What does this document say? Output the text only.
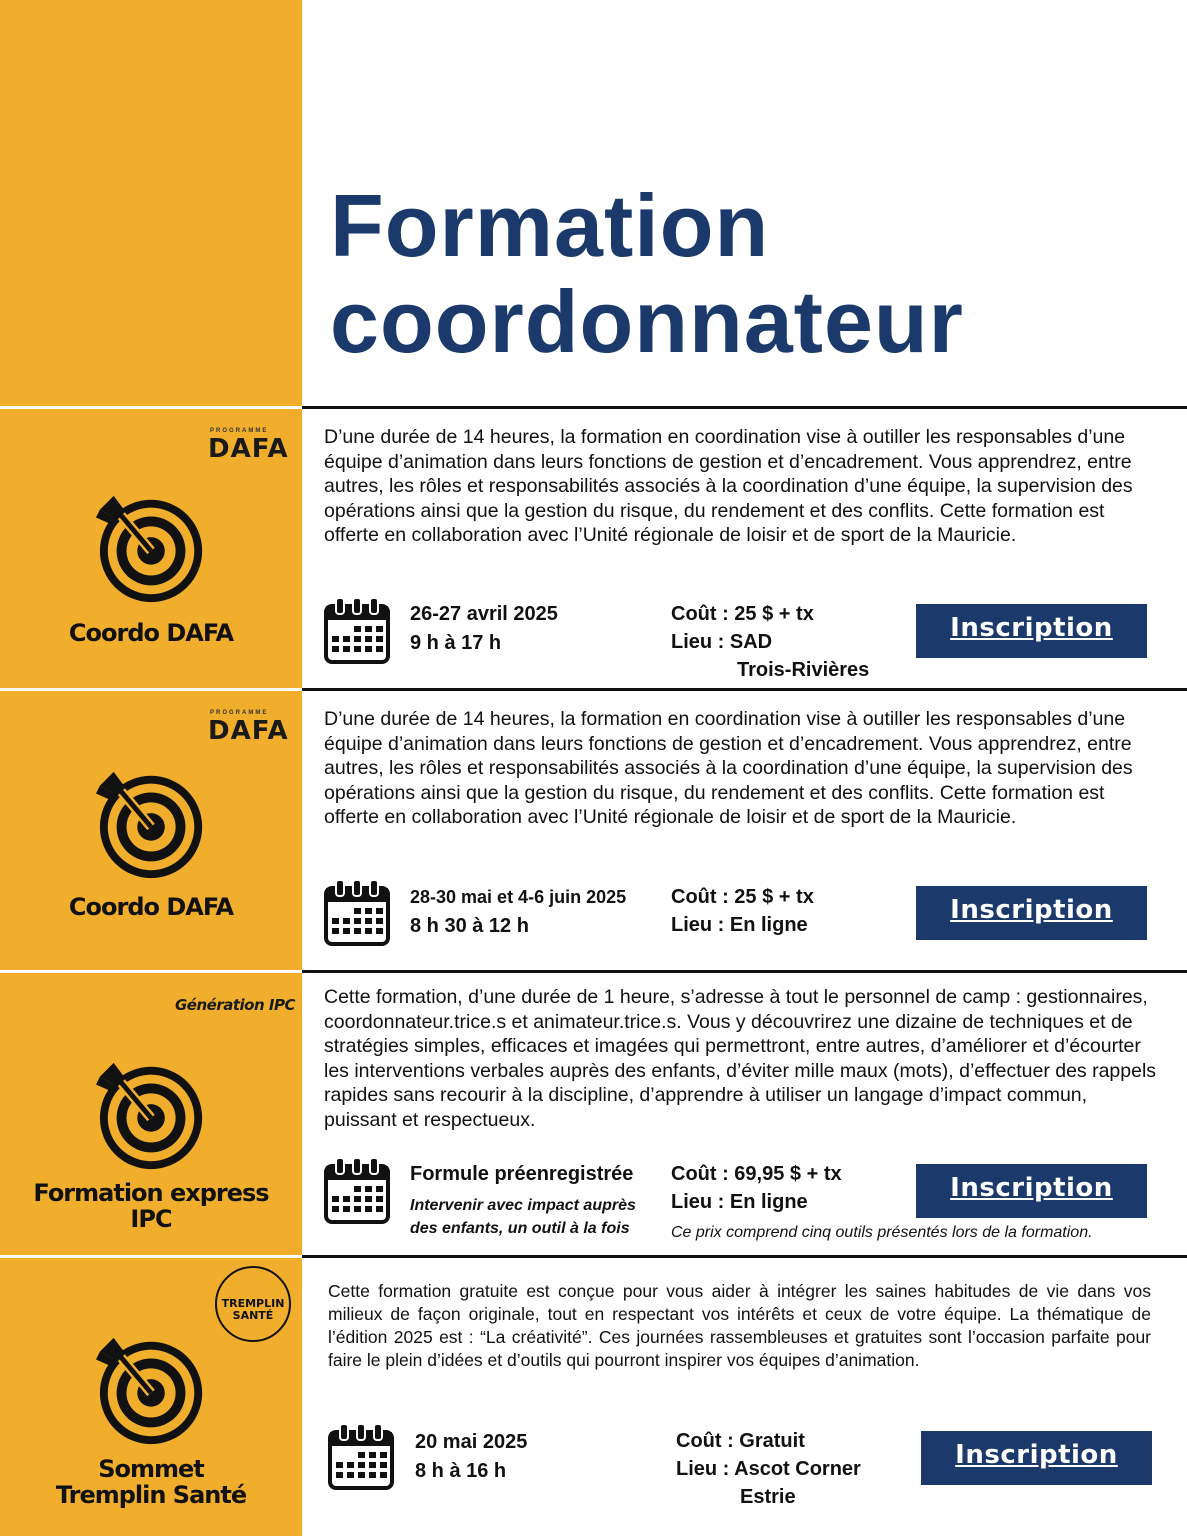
Formation
coordonnateur
PROGRAMME
DAFA
Coordo DAFA

D’une durée de 14 heures, la formation en coordination vise à outiller les responsables d’une équipe d’animation dans leurs fonctions de gestion et d’encadrement. Vous apprendrez, entre autres, les rôles et responsabilités associés à la coordination d’une équipe, la supervision des opérations ainsi que la gestion du risque, du rendement et des conflits. Cette formation est offerte en collaboration avec l’Unité régionale de loisir et de sport de la Mauricie.

26-27 avril 2025
9 h à 17 h
Coût : 25 $ + tx
Lieu : SAD
Trois-Rivières
Inscription
PROGRAMME
DAFA
Coordo DAFA

D’une durée de 14 heures, la formation en coordination vise à outiller les responsables d’une équipe d’animation dans leurs fonctions de gestion et d’encadrement. Vous apprendrez, entre autres, les rôles et responsabilités associés à la coordination d’une équipe, la supervision des opérations ainsi que la gestion du risque, du rendement et des conflits. Cette formation est offerte en collaboration avec l’Unité régionale de loisir et de sport de la Mauricie.

28-30 mai et 4-6 juin 2025
8 h 30 à 12 h
Coût : 25 $ + tx
Lieu : En ligne	Inscription
Génération IPC
Formation express
IPC

Cette formation, d’une durée de 1 heure, s’adresse à tout le personnel de camp : gestionnaires, coordonnateur.trice.s et animateur.trice.s. Vous y découvrirez une dizaine de techniques et de stratégies simples, efficaces et imagées qui permettront, entre autres, d’améliorer et d’écourter les interventions verbales auprès des enfants, d’éviter mille maux (mots), d’effectuer des rappels rapides sans recourir à la discipline, d’apprendre à utiliser un langage d’impact commun, puissant et respectueux.

Formule préenregistrée
Intervenir avec impact auprès
des enfants, un outil à la fois
Coût : 69,95 $ + tx
Lieu : En ligne
Ce prix comprend cinq outils présentés lors de la formation.
Inscription
TREMPLIN
SANTÉ
Sommet
Tremplin Santé

Cette formation gratuite est conçue pour vous aider à intégrer les saines habitudes de vie dans vos milieux de façon originale, tout en respectant vos intérêts et ceux de votre équipe. La thématique de l’édition 2025 est : “La créativité”. Ces journées rassembleuses et gratuites sont l’occasion parfaite pour faire le plein d’idées et d’outils qui pourront inspirer vos équipes d’animation.

20 mai 2025
8 h à 16 h
Coût : Gratuit
Lieu : Ascot Corner
Estrie
Inscription
